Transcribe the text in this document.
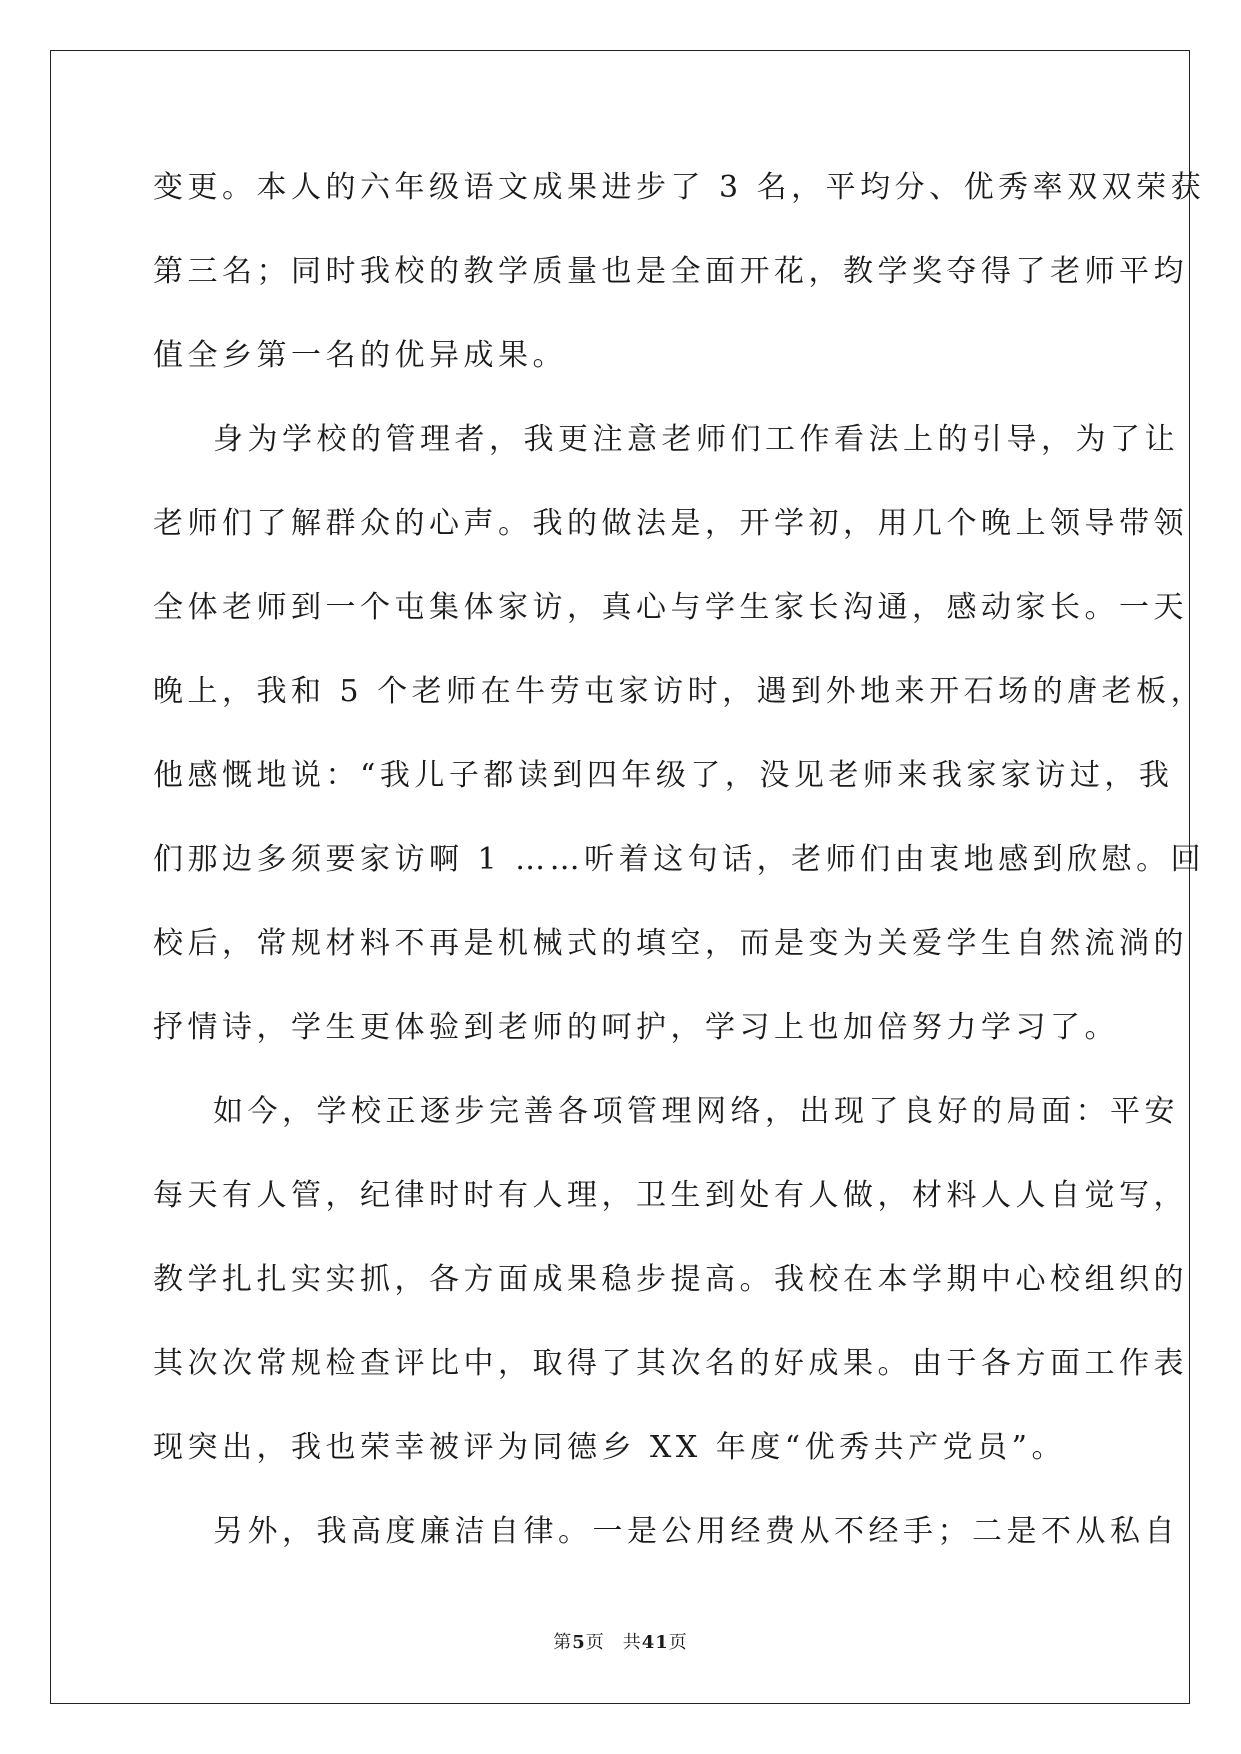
变更。本人的六年级语文成果进步了 3 名，平均分、优秀率双双荣获
第三名；同时我校的教学质量也是全面开花，教学奖夺得了老师平均
值全乡第一名的优异成果。
身为学校的管理者，我更注意老师们工作看法上的引导，为了让
老师们了解群众的心声。我的做法是，开学初，用几个晚上领导带领
全体老师到一个屯集体家访，真心与学生家长沟通，感动家长。一天
晚上，我和 5 个老师在牛劳屯家访时，遇到外地来开石场的唐老板，
他感慨地说：“我儿子都读到四年级了，没见老师来我家家访过，我
们那边多须要家访啊 1 ……听着这句话，老师们由衷地感到欣慰。回
校后，常规材料不再是机械式的填空，而是变为关爱学生自然流淌的
抒情诗，学生更体验到老师的呵护，学习上也加倍努力学习了。
如今，学校正逐步完善各项管理网络，出现了良好的局面：平安
每天有人管，纪律时时有人理，卫生到处有人做，材料人人自觉写，
教学扎扎实实抓，各方面成果稳步提高。我校在本学期中心校组织的
其次次常规检查评比中，取得了其次名的好成果。由于各方面工作表
现突出，我也荣幸被评为同德乡 XX 年度“优秀共产党员”。
另外，我高度廉洁自律。一是公用经费从不经手；二是不从私自
第5页 共41页
